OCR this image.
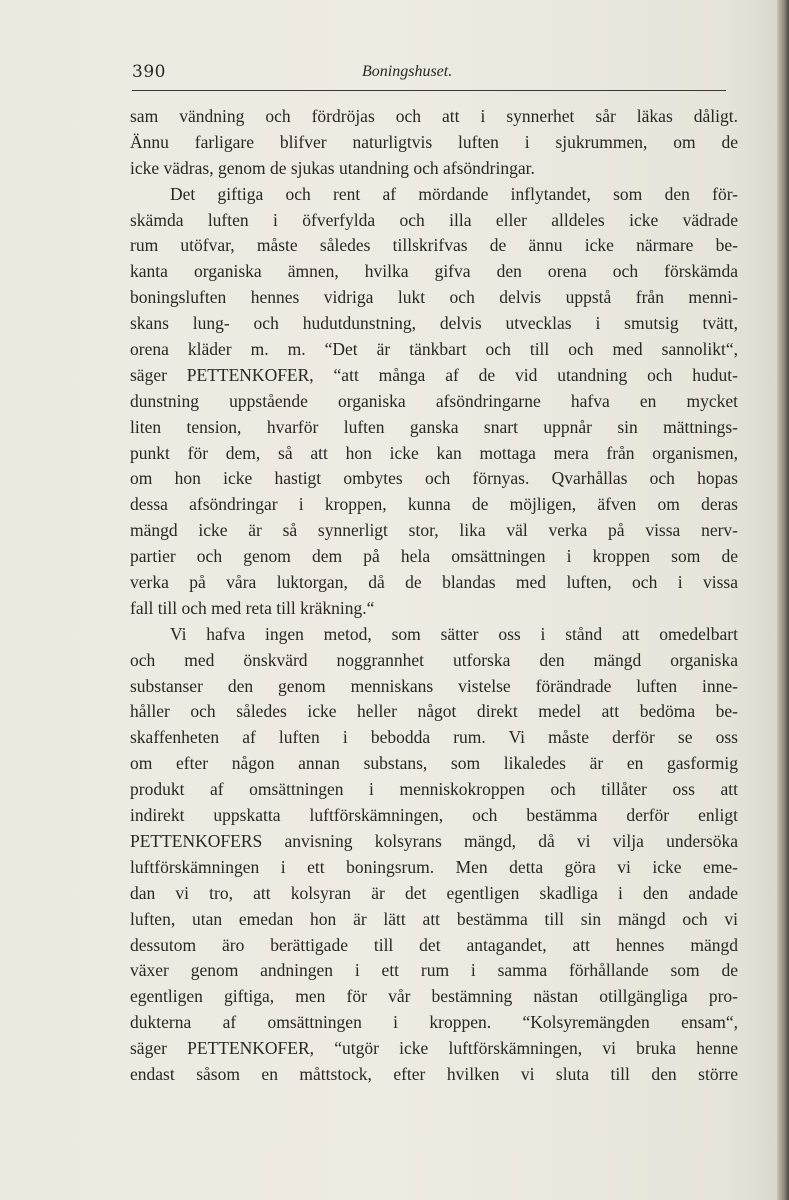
390	Boningshuset.
sam vändning och fördröjas och att i synnerhet sår läkas dåligt.
Ännu farligare blifver naturligtvis luften i sjukrummen, om de
icke vädras, genom de sjukas utandning och afsöndringar.
Det giftiga och rent af mördande inflytandet, som den för-
skämda luften i öfverfylda och illa eller alldeles icke vädrade
rum utöfvar, måste således tillskrifvas de ännu icke närmare be-
kanta organiska ämnen, hvilka gifva den orena och förskämda
boningsluften hennes vidriga lukt och delvis uppstå från menni-
skans lung- och hudutdunstning, delvis utvecklas i smutsig tvätt,
orena kläder m. m. “Det är tänkbart och till och med sannolikt“,
säger PETTENKOFER, “att många af de vid utandning och hudut-
dunstning uppstående organiska afsöndringarne hafva en mycket
liten tension, hvarför luften ganska snart uppnår sin mättnings-
punkt för dem, så att hon icke kan mottaga mera från organismen,
om hon icke hastigt ombytes och förnyas. Qvarhållas och hopas
dessa afsöndringar i kroppen, kunna de möjligen, äfven om deras
mängd icke är så synnerligt stor, lika väl verka på vissa nerv-
partier och genom dem på hela omsättningen i kroppen som de
verka på våra luktorgan, då de blandas med luften, och i vissa
fall till och med reta till kräkning.“
Vi hafva ingen metod, som sätter oss i stånd att omedelbart
och med önskvärd noggrannhet utforska den mängd organiska
substanser den genom menniskans vistelse förändrade luften inne-
håller och således icke heller något direkt medel att bedöma be-
skaffenheten af luften i bebodda rum. Vi måste derför se oss
om efter någon annan substans, som likaledes är en gasformig
produkt af omsättningen i menniskokroppen och tillåter oss att
indirekt uppskatta luftförskämningen, och bestämma derför enligt
PETTENKOFERS anvisning kolsyrans mängd, då vi vilja undersöka
luftförskämningen i ett boningsrum. Men detta göra vi icke eme-
dan vi tro, att kolsyran är det egentligen skadliga i den andade
luften, utan emedan hon är lätt att bestämma till sin mängd och vi
dessutom äro berättigade till det antagandet, att hennes mängd
växer genom andningen i ett rum i samma förhållande som de
egentligen giftiga, men för vår bestämning nästan otillgängliga pro-
dukterna af omsättningen i kroppen. “Kolsyremängden ensam“,
säger PETTENKOFER, “utgör icke luftförskämningen, vi bruka henne
endast såsom en måttstock, efter hvilken vi sluta till den större
